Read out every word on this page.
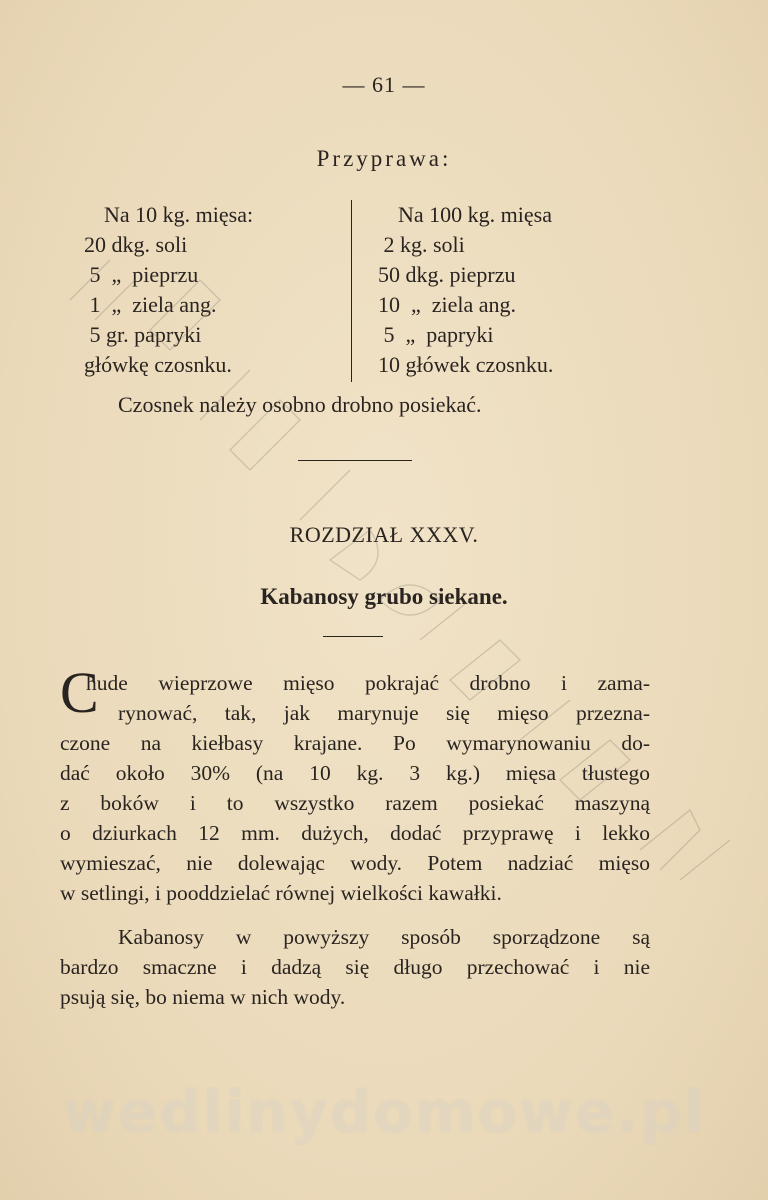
— 61 —
Przyprawa:
Na 10 kg. mięsa:
20 dkg. soli
5  „  pieprzu
1  „  ziela ang.
5 gr. papryki
główkę czosnku.
Na 100 kg. mięsa
2 kg. soli
50 dkg. pieprzu
10  „  ziela ang.
5  „  papryki
10 główek czosnku.
Czosnek należy osobno drobno posiekać.
ROZDZIAŁ XXXV.
Kabanosy grubo siekane.
C
hude wieprzowe mięso pokrajać drobno i zama-
rynować, tak, jak marynuje się mięso przezna-
czone na kiełbasy krajane. Po wymarynowaniu do-
dać około 30% (na 10 kg. 3 kg.) mięsa tłustego
z boków i to wszystko razem posiekać maszyną
o dziurkach 12 mm. dużych, dodać przyprawę i lekko
wymieszać, nie dolewając wody. Potem nadziać mięso
w setlingi, i pooddzielać równej wielkości kawałki.
Kabanosy w powyższy sposób sporządzone są
bardzo smaczne i dadzą się długo przechować i nie
psują się, bo niema w nich wody.
wedlinydomowe.pl
